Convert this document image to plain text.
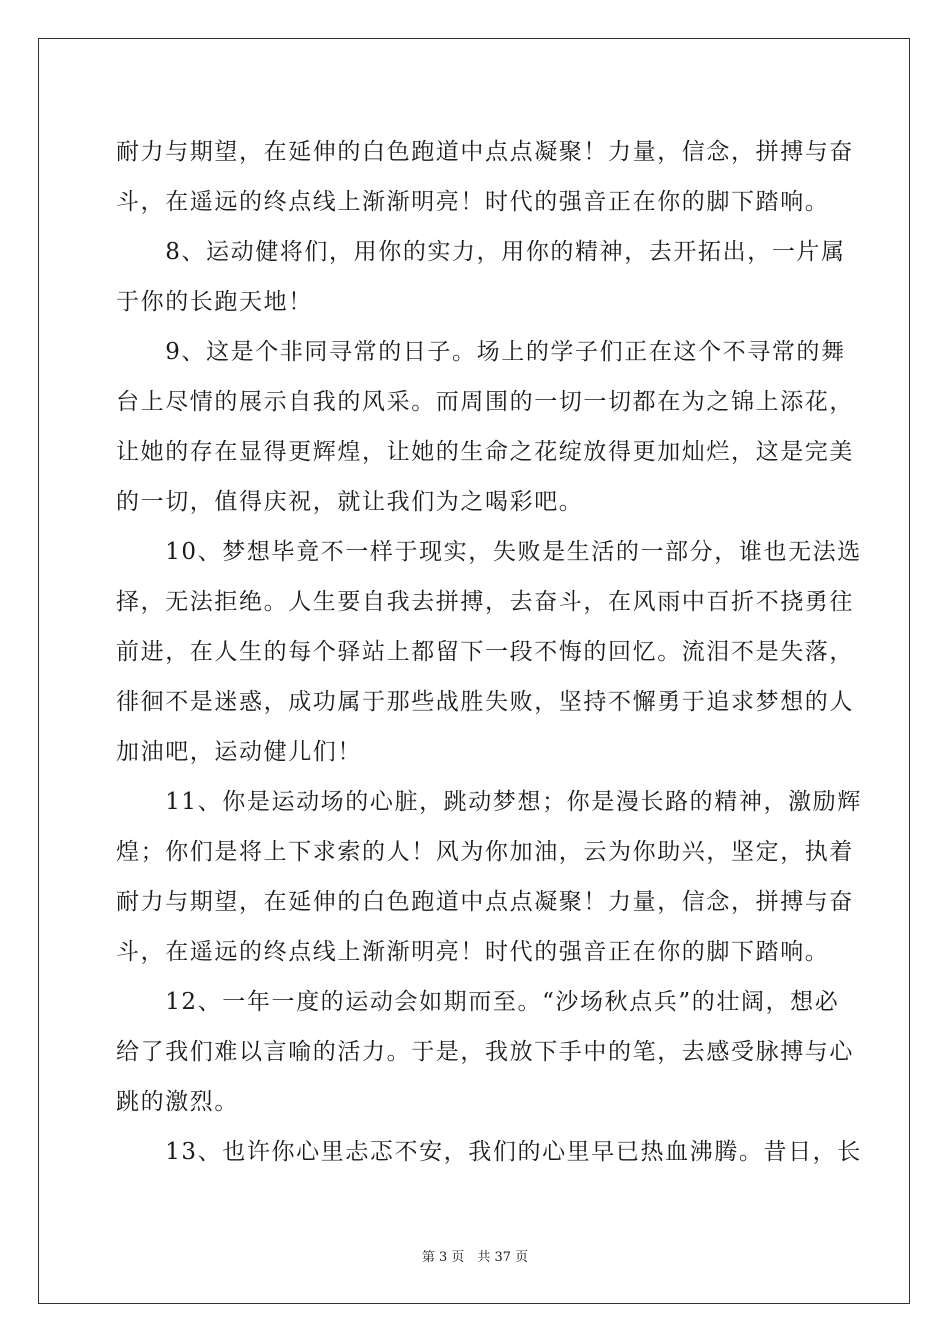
耐力与期望，在延伸的白色跑道中点点凝聚！力量，信念，拼搏与奋
斗，在遥远的终点线上渐渐明亮！时代的强音正在你的脚下踏响。
　　8、运动健将们，用你的实力，用你的精神，去开拓出，一片属
于你的长跑天地！
　　9、这是个非同寻常的日子。场上的学子们正在这个不寻常的舞
台上尽情的展示自我的风采。而周围的一切一切都在为之锦上添花，
让她的存在显得更辉煌，让她的生命之花绽放得更加灿烂，这是完美
的一切，值得庆祝，就让我们为之喝彩吧。
　　10、梦想毕竟不一样于现实，失败是生活的一部分，谁也无法选
择，无法拒绝。人生要自我去拼搏，去奋斗，在风雨中百折不挠勇往
前进，在人生的每个驿站上都留下一段不悔的回忆。流泪不是失落，
徘徊不是迷惑，成功属于那些战胜失败，坚持不懈勇于追求梦想的人
加油吧，运动健儿们！
　　11、你是运动场的心脏，跳动梦想；你是漫长路的精神，激励辉
煌；你们是将上下求索的人！风为你加油，云为你助兴，坚定，执着
耐力与期望，在延伸的白色跑道中点点凝聚！力量，信念，拼搏与奋
斗，在遥远的终点线上渐渐明亮！时代的强音正在你的脚下踏响。
　　12、一年一度的运动会如期而至。“沙场秋点兵”的壮阔，想必
给了我们难以言喻的活力。于是，我放下手中的笔，去感受脉搏与心
跳的激烈。
　　13、也许你心里忐忑不安，我们的心里早已热血沸腾。昔日，长
第 3 页　共 37 页
